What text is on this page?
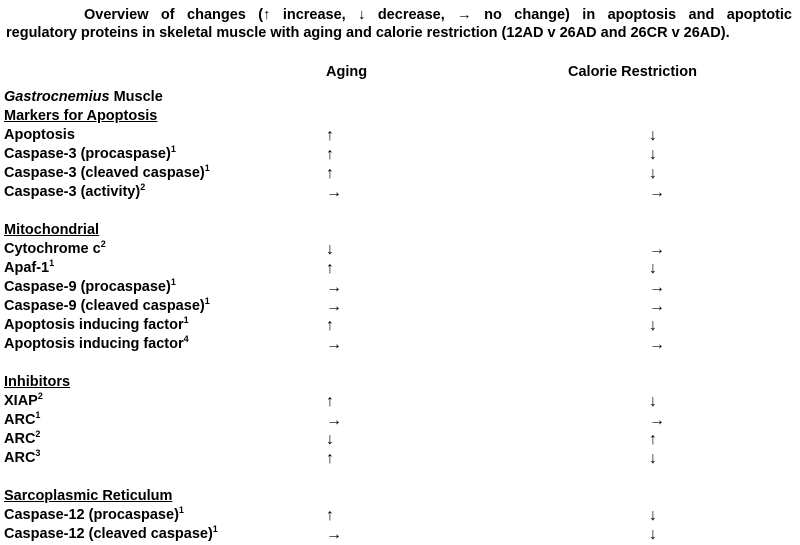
Overview of changes (↑ increase, ↓ decrease, → no change) in apoptosis and apoptotic
regulatory proteins in skeletal muscle with aging and calorie restriction (12AD v 26AD and 26CR v 26AD).
Aging	Calorie Restriction
Gastrocnemius Muscle
Markers for Apoptosis
Apoptosis	↑	↓
Caspase-3 (procaspase)$^1$	↑	↓
Caspase-3 (cleaved caspase)$^1$	↑	↓
Caspase-3 (activity)$^2$	→	→
Mitochondrial
Cytochrome $c^2$	↓	→
Apaf-$1^1$	↑	↓
Caspase-9 (procaspase)$^1$	→	→
Caspase-9 (cleaved caspase)$^1$	→	→
Apoptosis inducing factor$^1$	↑	↓
Apoptosis inducing factor$^4$	→	→
Inhibitors
XIAP$^2$	↑	↓
$ARC^1$	→	→
$ARC^2$	↓	↑
ARC$^3$	↑	↓
Sarcoplasmic Reticulum
Caspase-12 (procaspase)$^1$	↑	↓
Caspase-12 (cleaved caspase)$^1$	→	↓
